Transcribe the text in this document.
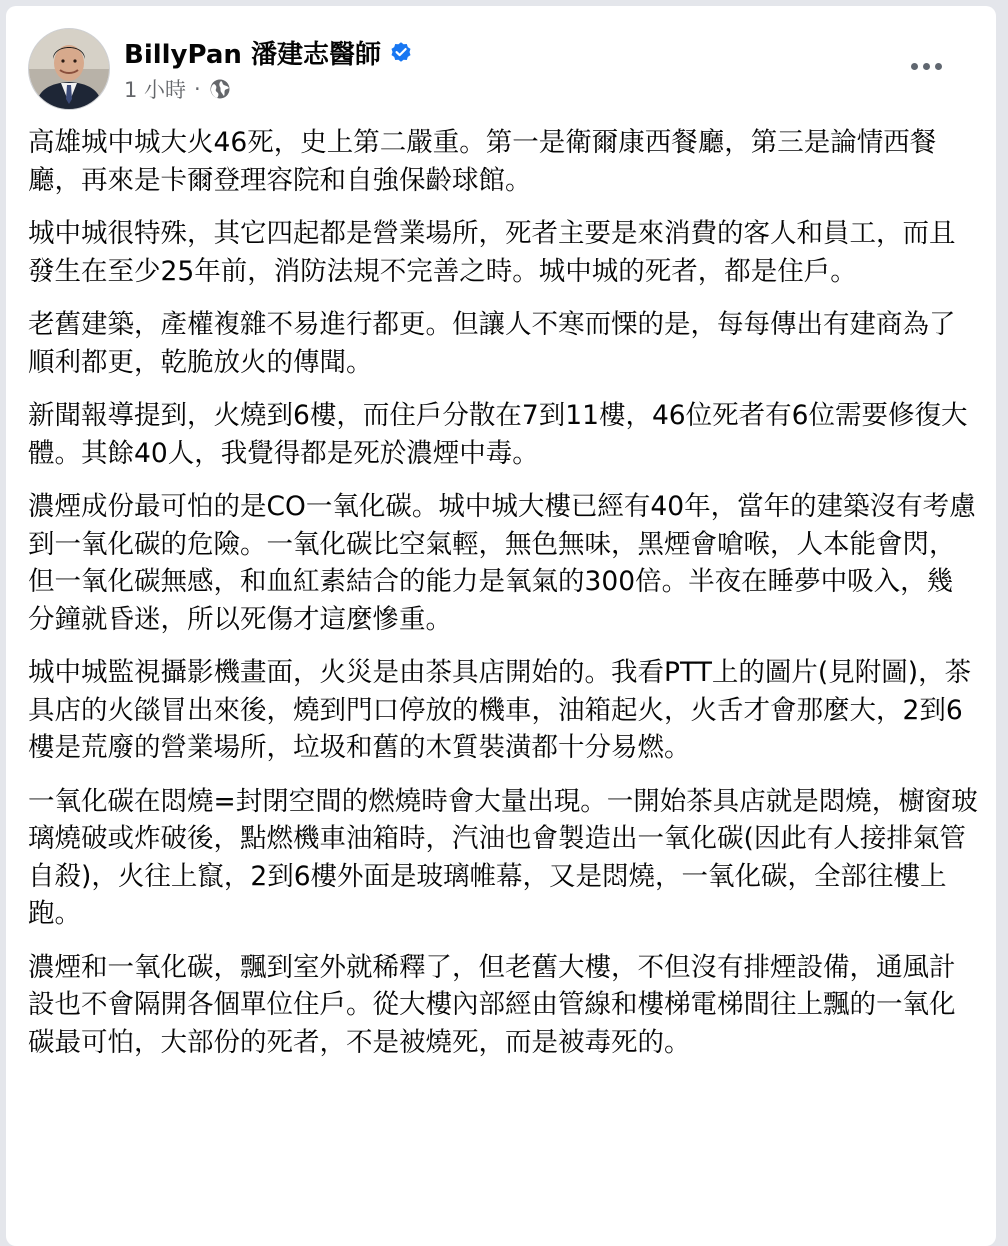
BillyPan 潘建志醫師
1 小時 ·

高雄城中城大火46死，史上第二嚴重。第一是衛爾康西餐廳，第三是論情西餐廳，再來是卡爾登理容院和自強保齡球館。

城中城很特殊，其它四起都是營業場所，死者主要是來消費的客人和員工，而且發生在至少25年前，消防法規不完善之時。城中城的死者，都是住戶。

老舊建築，產權複雜不易進行都更。但讓人不寒而慄的是，每每傳出有建商為了順利都更，乾脆放火的傳聞。

新聞報導提到，火燒到6樓，而住戶分散在7到11樓，46位死者有6位需要修復大體。其餘40人，我覺得都是死於濃煙中毒。

濃煙成份最可怕的是CO一氧化碳。城中城大樓已經有40年，當年的建築沒有考慮到一氧化碳的危險。一氧化碳比空氣輕，無色無味，黑煙會嗆喉，人本能會閃，但一氧化碳無感，和血紅素結合的能力是氧氣的300倍。半夜在睡夢中吸入，幾分鐘就昏迷，所以死傷才這麼慘重。

城中城監視攝影機畫面，火災是由茶具店開始的。我看PTT上的圖片(見附圖)，茶具店的火燄冒出來後，燒到門口停放的機車，油箱起火，火舌才會那麼大，2到6樓是荒廢的營業場所，垃圾和舊的木質裝潢都十分易燃。

一氧化碳在悶燒=封閉空間的燃燒時會大量出現。一開始茶具店就是悶燒，櫥窗玻璃燒破或炸破後，點燃機車油箱時，汽油也會製造出一氧化碳(因此有人接排氣管自殺)，火往上竄，2到6樓外面是玻璃帷幕，又是悶燒，一氧化碳，全部往樓上跑。

濃煙和一氧化碳，飄到室外就稀釋了，但老舊大樓，不但沒有排煙設備，通風計設也不會隔開各個單位住戶。從大樓內部經由管線和樓梯電梯間往上飄的一氧化碳最可怕，大部份的死者，不是被燒死，而是被毒死的。
